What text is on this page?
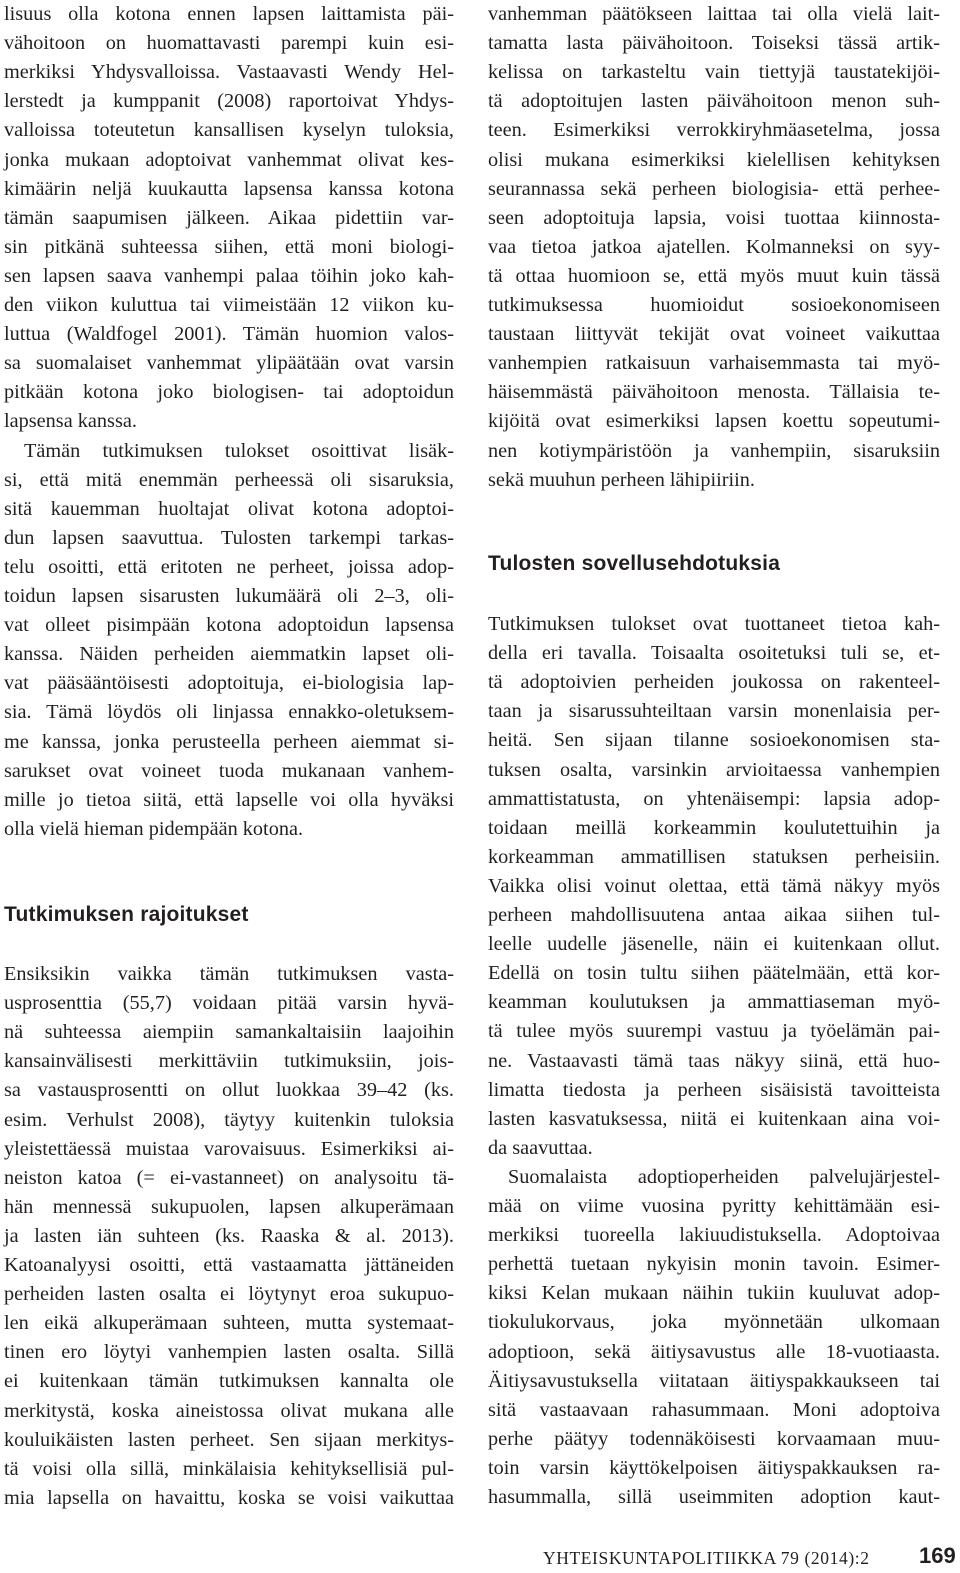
Tutkimuksen rajoitukset
lisuus olla kotona ennen lapsen laittamista päi-
vähoitoon on huomattavasti parempi kuin esi-
merkiksi Yhdysvalloissa. Vastaavasti Wendy Hel-
lerstedt ja kumppanit (2008) raportoivat Yhdys-
valloissa toteutetun kansallisen kyselyn tuloksia,
jonka mukaan adoptoivat vanhemmat olivat kes-
kimäärin neljä kuukautta lapsensa kanssa kotona
tämän saapumisen jälkeen. Aikaa pidettiin var-
sin pitkänä suhteessa siihen, että moni biologi-
sen lapsen saava vanhempi palaa töihin joko kah-
den viikon kuluttua tai viimeistään 12 viikon ku-
luttua (Waldfogel 2001). Tämän huomion valos-
sa suomalaiset vanhemmat ylipäätään ovat varsin
pitkään kotona joko biologisen- tai adoptoidun
lapsensa kanssa.
Tämän tutkimuksen tulokset osoittivat lisäk-
si, että mitä enemmän perheessä oli sisaruksia,
sitä kauemman huoltajat olivat kotona adoptoi-
dun lapsen saavuttua. Tulosten tarkempi tarkas-
telu osoitti, että eritoten ne perheet, joissa adop-
toidun lapsen sisarusten lukumäärä oli 2–3, oli-
vat olleet pisimpään kotona adoptoidun lapsensa
kanssa. Näiden perheiden aiemmatkin lapset oli-
vat pääsääntöisesti adoptoituja, ei-biologisia lap-
sia. Tämä löydös oli linjassa ennakko-oletuksem-
me kanssa, jonka perusteella perheen aiemmat si-
sarukset ovat voineet tuoda mukanaan vanhem-
mille jo tietoa siitä, että lapselle voi olla hyväksi
olla vielä hieman pidempään kotona.
Ensiksikin vaikka tämän tutkimuksen vasta-
usprosenttia (55,7) voidaan pitää varsin hyvä-
nä suhteessa aiempiin samankaltaisiin laajoihin
kansainvälisesti merkittäviin tutkimuksiin, jois-
sa vastausprosentti on ollut luokkaa 39–42 (ks.
esim. Verhulst 2008), täytyy kuitenkin tuloksia
yleistettäessä muistaa varovaisuus. Esimerkiksi ai-
neiston katoa (= ei-vastanneet) on analysoitu tä-
hän mennessä sukupuolen, lapsen alkuperämaan
ja lasten iän suhteen (ks. Raaska & al. 2013).
Katoanalyysi osoitti, että vastaamatta jättäneiden
perheiden lasten osalta ei löytynyt eroa sukupuo-
len eikä alkuperämaan suhteen, mutta systemaat-
tinen ero löytyi vanhempien lasten osalta. Sillä
ei kuitenkaan tämän tutkimuksen kannalta ole
merkitystä, koska aineistossa olivat mukana alle
kouluikäisten lasten perheet. Sen sijaan merkitys-
tä voisi olla sillä, minkälaisia kehityksellisiä pul-
mia lapsella on havaittu, koska se voisi vaikuttaa
Tulosten sovellusehdotuksia
vanhemman päätökseen laittaa tai olla vielä lait-
tamatta lasta päivähoitoon. Toiseksi tässä artik-
kelissa on tarkasteltu vain tiettyjä taustatekijöi-
tä adoptoitujen lasten päivähoitoon menon suh-
teen. Esimerkiksi verrokkiryhmäasetelma, jossa
olisi mukana esimerkiksi kielellisen kehityksen
seurannassa sekä perheen biologisia- että perhee-
seen adoptoituja lapsia, voisi tuottaa kiinnosta-
vaa tietoa jatkoa ajatellen. Kolmanneksi on syy-
tä ottaa huomioon se, että myös muut kuin tässä
tutkimuksessa huomioidut sosioekonomiseen
taustaan liittyvät tekijät ovat voineet vaikuttaa
vanhempien ratkaisuun varhaisemmasta tai myö-
häisemmästä päivähoitoon menosta. Tällaisia te-
kijöitä ovat esimerkiksi lapsen koettu sopeutumi-
nen kotiympäristöön ja vanhempiin, sisaruksiin
sekä muuhun perheen lähipiiriin.
Tutkimuksen tulokset ovat tuottaneet tietoa kah-
della eri tavalla. Toisaalta osoitetuksi tuli se, et-
tä adoptoivien perheiden joukossa on rakenteel-
taan ja sisarussuhteiltaan varsin monenlaisia per-
heitä. Sen sijaan tilanne sosioekonomisen sta-
tuksen osalta, varsinkin arvioitaessa vanhempien
ammattistatusta, on yhtenäisempi: lapsia adop-
toidaan meillä korkeammin koulutettuihin ja
korkeamman ammatillisen statuksen perheisiin.
Vaikka olisi voinut olettaa, että tämä näkyy myös
perheen mahdollisuutena antaa aikaa siihen tul-
leelle uudelle jäsenelle, näin ei kuitenkaan ollut.
Edellä on tosin tultu siihen päätelmään, että kor-
keamman koulutuksen ja ammattiaseman myö-
tä tulee myös suurempi vastuu ja työelämän pai-
ne. Vastaavasti tämä taas näkyy siinä, että huo-
limatta tiedosta ja perheen sisäisistä tavoitteista
lasten kasvatuksessa, niitä ei kuitenkaan aina voi-
da saavuttaa.
Suomalaista adoptioperheiden palvelujärjestel-
mää on viime vuosina pyritty kehittämään esi-
merkiksi tuoreella lakiuudistuksella. Adoptoivaa
perhettä tuetaan nykyisin monin tavoin. Esimer-
kiksi Kelan mukaan näihin tukiin kuuluvat adop-
tiokulukorvaus, joka myönnetään ulkomaan
adoptioon, sekä äitiysavustus alle 18-vuotiaasta.
Äitiysavustuksella viitataan äitiyspakkaukseen tai
sitä vastaavaan rahasummaan. Moni adoptoiva
perhe päätyy todennäköisesti korvaamaan muu-
toin varsin käyttökelpoisen äitiyspakkauksen ra-
hasummalla, sillä useimmiten adoption kaut-
YHTEISKUNTAPOLITIIKKA 79 (2014):2 169
